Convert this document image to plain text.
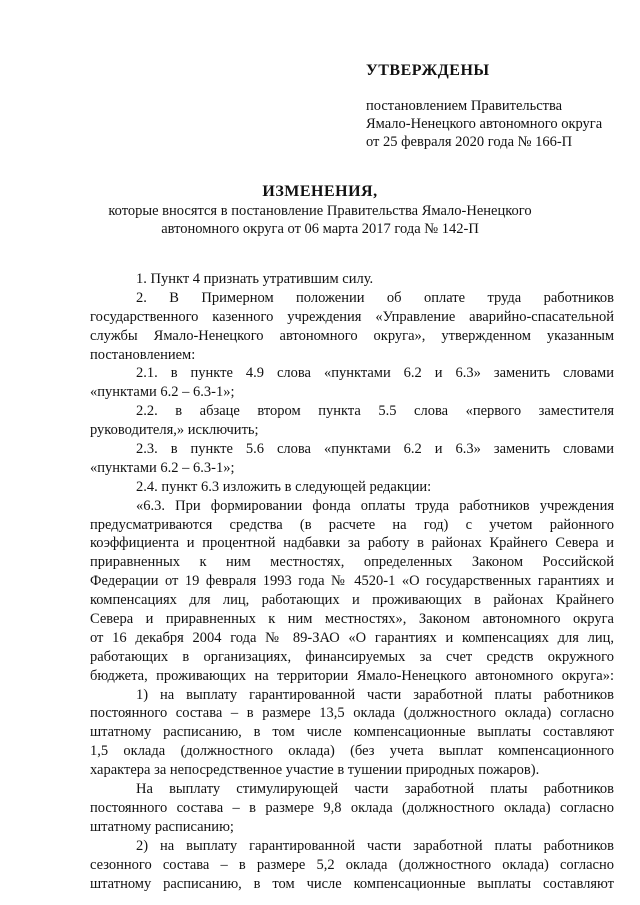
УТВЕРЖДЕНЫ
постановлением Правительства
Ямало-Ненецкого автономного округа
от 25 февраля 2020 года № 166-П
ИЗМЕНЕНИЯ,
которые вносятся в постановление Правительства Ямало-Ненецкого
автономного округа от 06 марта 2017 года № 142-П
1. Пункт 4 признать утратившим силу.
2. В Примерном положении об оплате труда работников
государственного казенного учреждения «Управление аварийно-спасательной
службы Ямало-Ненецкого автономного округа», утвержденном указанным
постановлением:
2.1. в пункте 4.9 слова «пунктами 6.2 и 6.3» заменить словами
«пунктами 6.2 – 6.3-1»;
2.2. в абзаце втором пункта 5.5 слова «первого заместителя
руководителя,» исключить;
2.3. в пункте 5.6 слова «пунктами 6.2 и 6.3» заменить словами
«пунктами 6.2 – 6.3-1»;
2.4. пункт 6.3 изложить в следующей редакции:
«6.3. При формировании фонда оплаты труда работников учреждения
предусматриваются средства (в расчете на год) с учетом районного
коэффициента и процентной надбавки за работу в районах Крайнего Севера и
приравненных к ним местностях, определенных Законом Российской
Федерации от 19 февраля 1993 года № 4520-1 «О государственных гарантиях и
компенсациях для лиц, работающих и проживающих в районах Крайнего
Севера и приравненных к ним местностях», Законом автономного округа
от 16 декабря 2004 года № 89-ЗАО «О гарантиях и компенсациях для лиц,
работающих в организациях, финансируемых за счет средств окружного
бюджета, проживающих на территории Ямало-Ненецкого автономного округа»:
1) на выплату гарантированной части заработной платы работников
постоянного состава – в размере 13,5 оклада (должностного оклада) согласно
штатному расписанию, в том числе компенсационные выплаты составляют
1,5 оклада (должностного оклада) (без учета выплат компенсационного
характера за непосредственное участие в тушении природных пожаров).
На выплату стимулирующей части заработной платы работников
постоянного состава – в размере 9,8 оклада (должностного оклада) согласно
штатному расписанию;
2) на выплату гарантированной части заработной платы работников
сезонного состава – в размере 5,2 оклада (должностного оклада) согласно
штатному расписанию, в том числе компенсационные выплаты составляют
